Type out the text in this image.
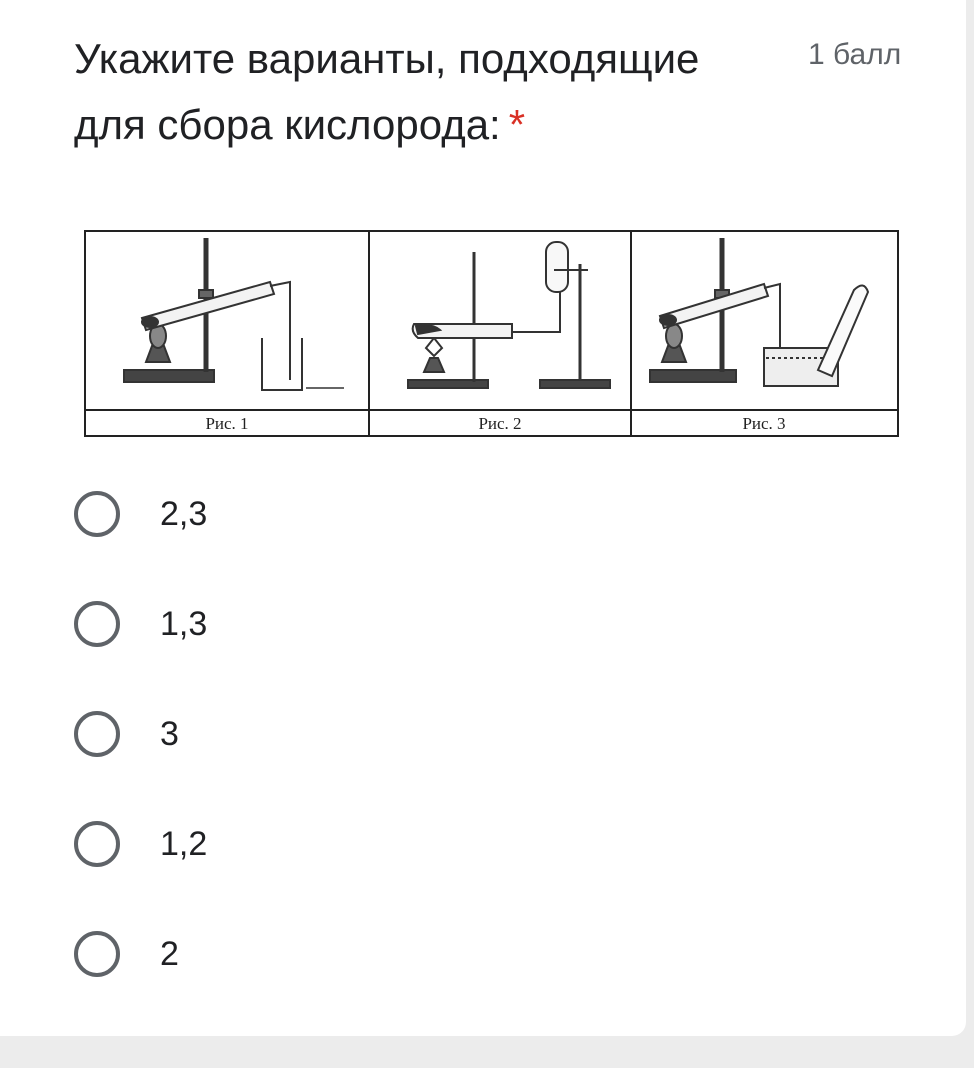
Укажите варианты, подходящие для сбора кислорода: *
1 балл
Рис. 1	Рис. 2	Рис. 3
2,3
1,3
3
1,2
2
